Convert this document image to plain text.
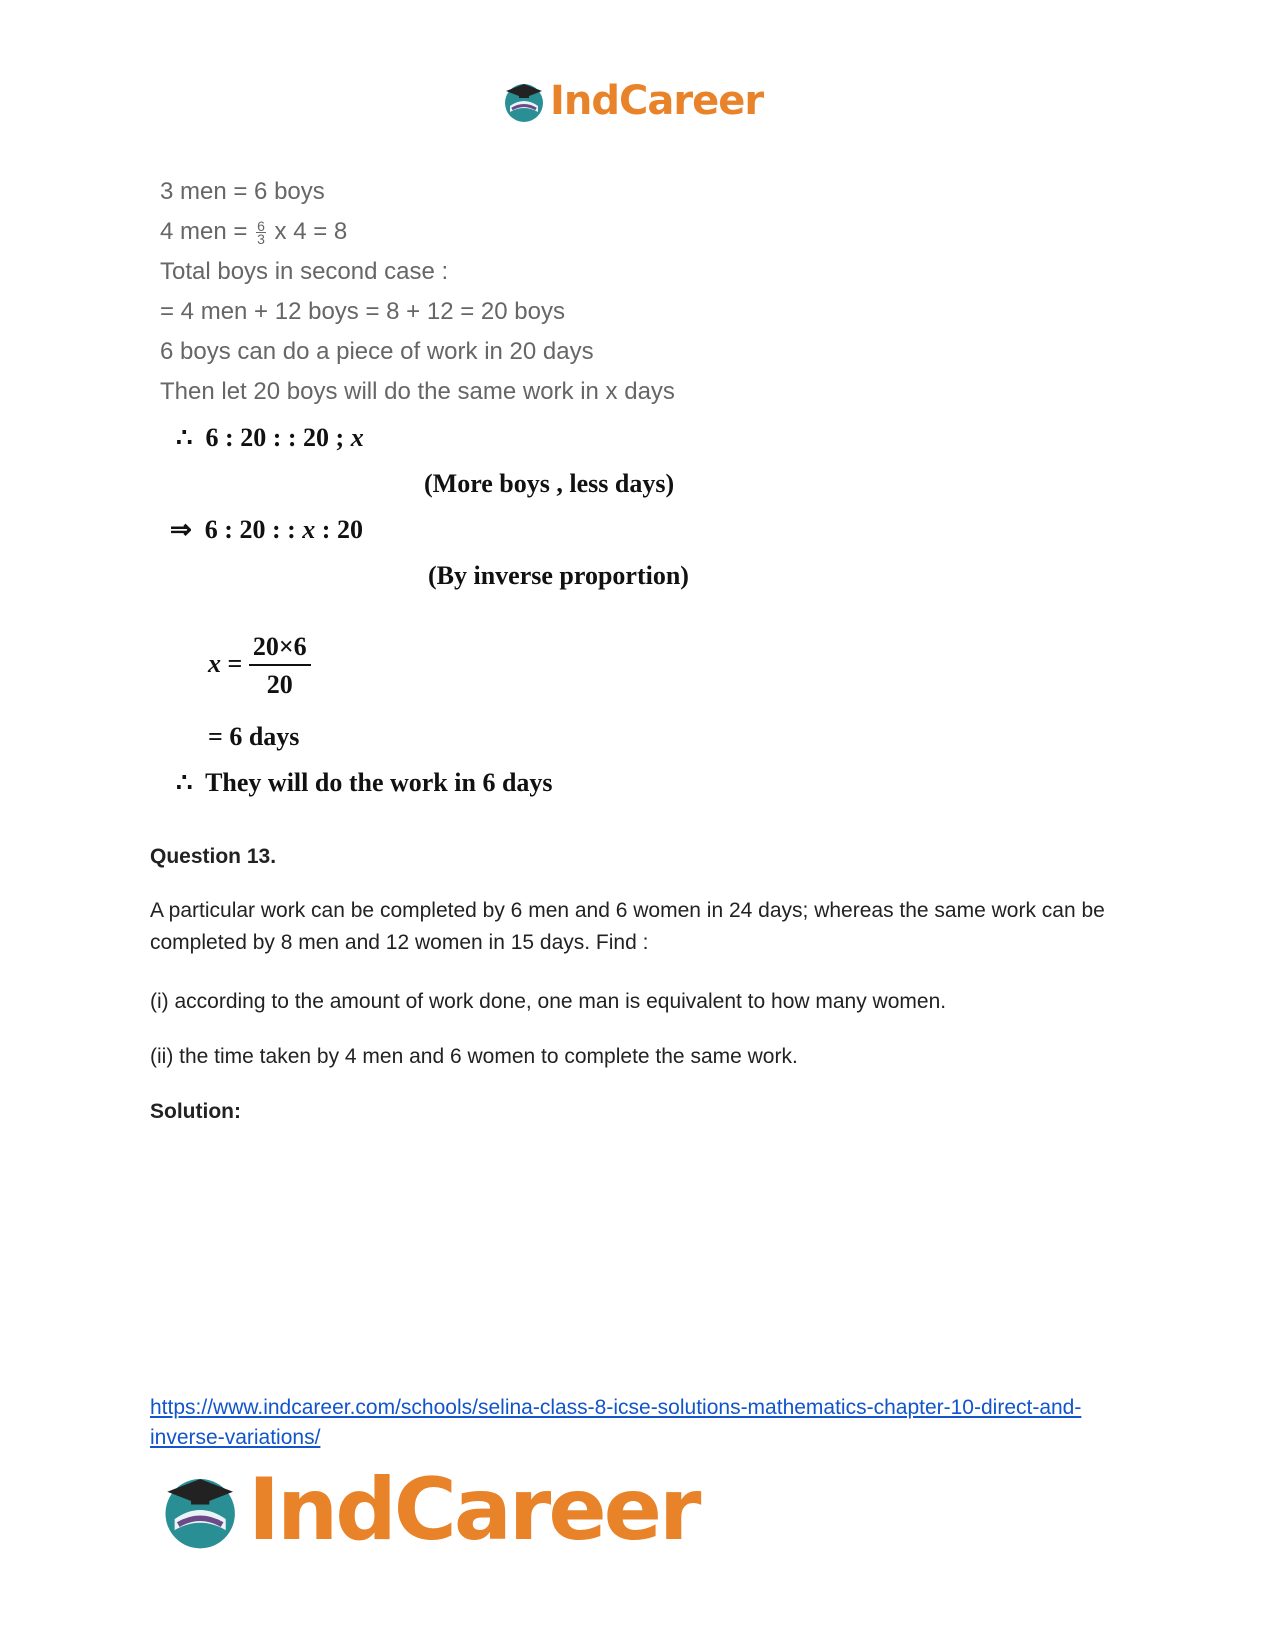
IndCareer
3 men = 6 boys
4 men = $\frac{6}{3}$ x 4 = 8
Total boys in second case :
= 4 men + 12 boys = 8 + 12 = 20 boys
6 boys can do a piece of work in 20 days
Then let 20 boys will do the same work in x days
∴ 6 : 20 : : 20 ; x
(More boys , less days)
⇒ 6 : 20 : : x : 20
(By inverse proportion)
$x = \frac{20\times 6}{20}$
= 6 days
∴ They will do the work in 6 days
Question 13.
A particular work can be completed by 6 men and 6 women in 24 days; whereas the same work can be completed by 8 men and 12 women in 15 days. Find :
(i) according to the amount of work done, one man is equivalent to how many women.
(ii) the time taken by 4 men and 6 women to complete the same work.
Solution:
https://www.indcareer.com/schools/selina-class-8-icse-solutions-mathematics-chapter-10-direct-and-inverse-variations/
IndCareer
